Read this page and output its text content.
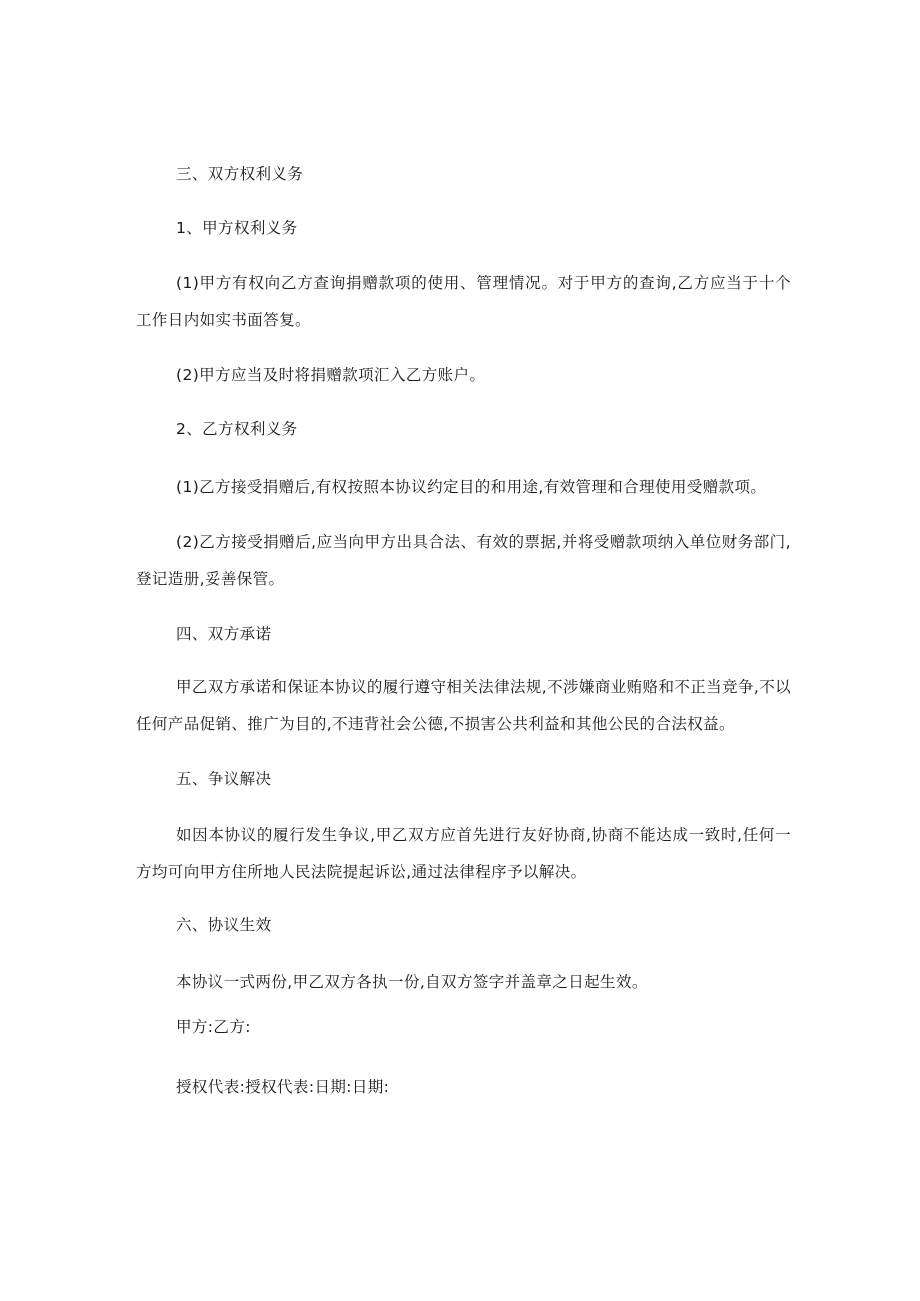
三、双方权利义务

1、甲方权利义务

(1)甲方有权向乙方查询捐赠款项的使用、管理情况。对于甲方的查询,乙方应当于十个工作日内如实书面答复。

(2)甲方应当及时将捐赠款项汇入乙方账户。

2、乙方权利义务

(1)乙方接受捐赠后,有权按照本协议约定目的和用途,有效管理和合理使用受赠款项。

(2)乙方接受捐赠后,应当向甲方出具合法、有效的票据,并将受赠款项纳入单位财务部门,登记造册,妥善保管。

四、双方承诺

甲乙双方承诺和保证本协议的履行遵守相关法律法规,不涉嫌商业贿赂和不正当竞争,不以任何产品促销、推广为目的,不违背社会公德,不损害公共利益和其他公民的合法权益。

五、争议解决

如因本协议的履行发生争议,甲乙双方应首先进行友好协商,协商不能达成一致时,任何一方均可向甲方住所地人民法院提起诉讼,通过法律程序予以解决。

六、协议生效

本协议一式两份,甲乙双方各执一份,自双方签字并盖章之日起生效。

甲方:乙方:

授权代表:授权代表:日期:日期:
